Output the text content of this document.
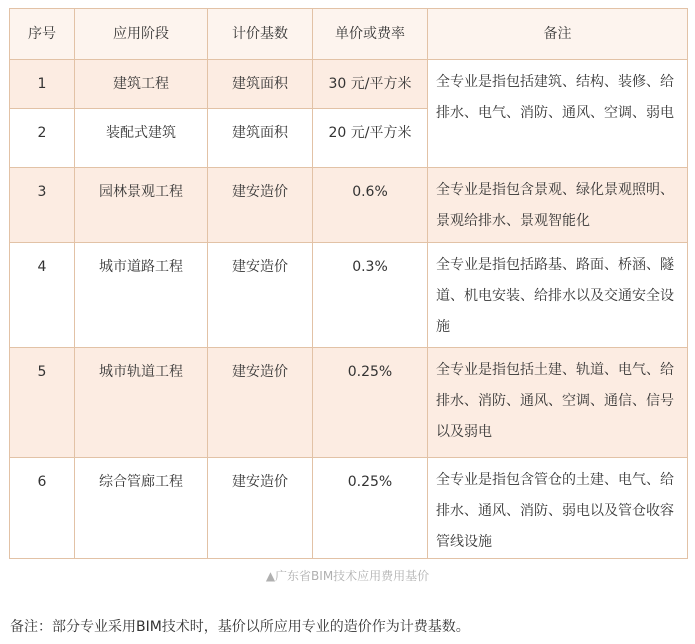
序号	应用阶段	计价基数	单价或费率	备注
1	建筑工程	建筑面积	30 元/平方米	全专业是指包括建筑、结构、装修、给排水、电气、消防、通风、空调、弱电
2	装配式建筑	建筑面积	20 元/平方米	
3	园林景观工程	建安造价	0.6%	全专业是指包含景观、绿化景观照明、景观给排水、景观智能化
4	城市道路工程	建安造价	0.3%	全专业是指包括路基、路面、桥涵、隧道、机电安装、给排水以及交通安全设施
5	城市轨道工程	建安造价	0.25%	全专业是指包括土建、轨道、电气、给排水、消防、通风、空调、通信、信号以及弱电
6	综合管廊工程	建安造价	0.25%	全专业是指包含管仓的土建、电气、给排水、通风、消防、弱电以及管仓收容管线设施
▲广东省BIM技术应用费用基价
备注：部分专业采用BIM技术时，基价以所应用专业的造价作为计费基数。
